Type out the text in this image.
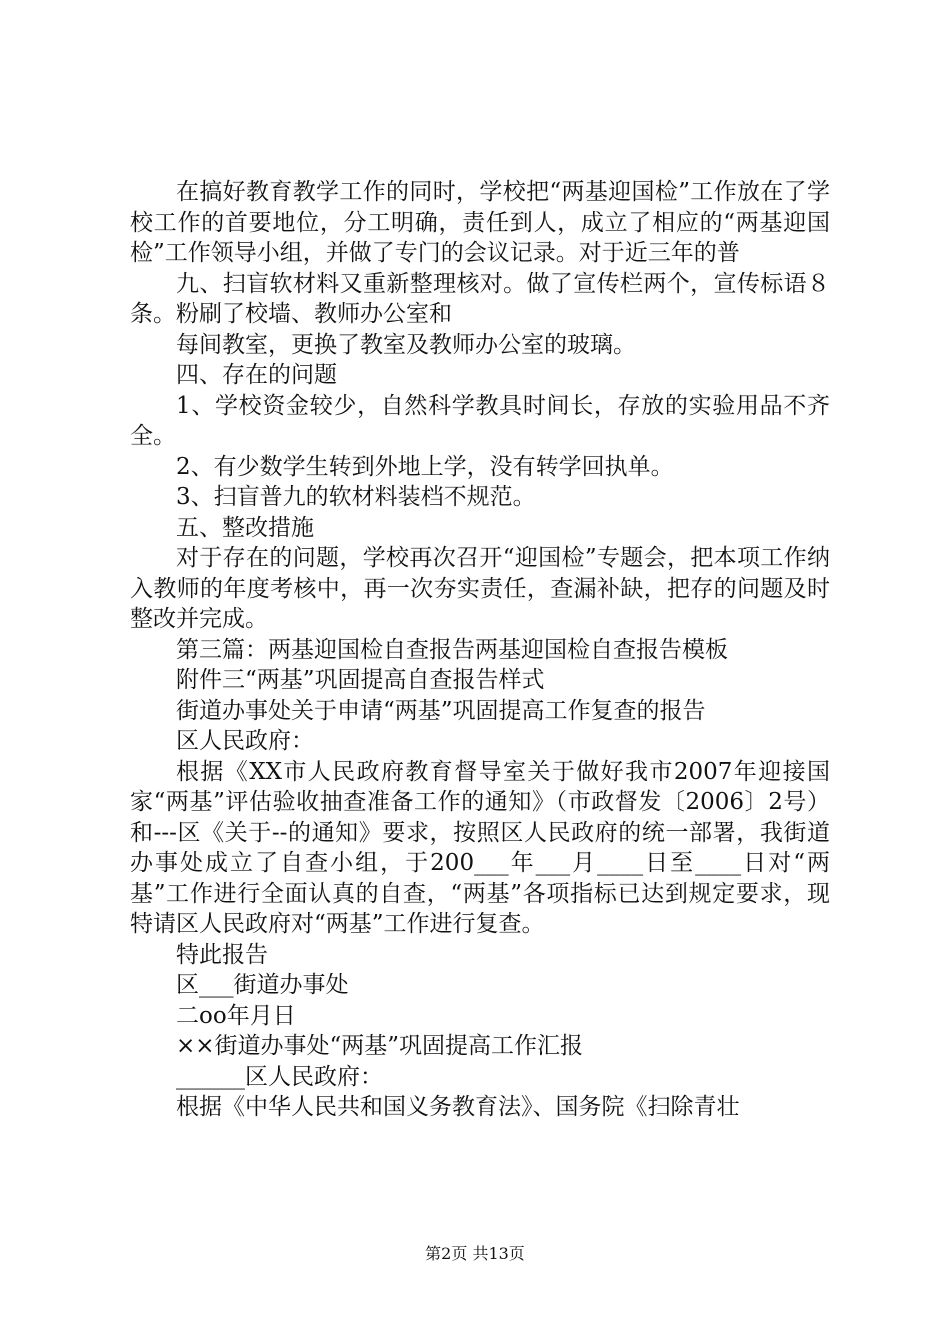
在搞好教育教学工作的同时，学校把“两基迎国检”工作放在了学校工作的首要地位，分工明确，责任到人，成立了相应的“两基迎国检”工作领导小组，并做了专门的会议记录。对于近三年的普

九、扫盲软材料又重新整理核对。做了宣传栏两个，宣传标语８条。粉刷了校墙、教师办公室和

每间教室，更换了教室及教师办公室的玻璃。

四、存在的问题

1、学校资金较少，自然科学教具时间长，存放的实验用品不齐全。

2、有少数学生转到外地上学，没有转学回执单。

3、扫盲普九的软材料装档不规范。

五、整改措施

对于存在的问题，学校再次召开“迎国检”专题会，把本项工作纳入教师的年度考核中，再一次夯实责任，查漏补缺，把存的问题及时整改并完成。

第三篇：两基迎国检自查报告两基迎国检自查报告模板

附件三“两基”巩固提高自查报告样式

街道办事处关于申请“两基”巩固提高工作复查的报告

区人民政府：

根据《XX市人民政府教育督导室关于做好我市2007年迎接国家“两基”评估验收抽查准备工作的通知》（市政督发〔2006〕2号）和---区《关于--的通知》要求，按照区人民政府的统一部署，我街道办事处成立了自查小组，于200___年___月____日至____日对“两基”工作进行全面认真的自查，“两基”各项指标已达到规定要求，现特请区人民政府对“两基”工作进行复查。

特此报告

区___街道办事处

二oo年月日

××街道办事处“两基”巩固提高工作汇报

______区人民政府：

根据《中华人民共和国义务教育法》、国务院《扫除青壮

第2页 共13页
